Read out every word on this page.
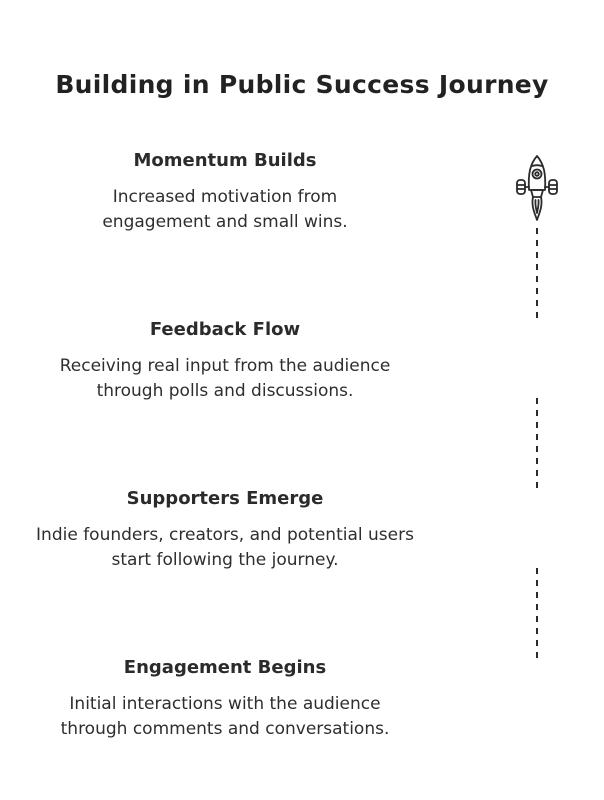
Building in Public Success Journey
Momentum Builds
Increased motivation from engagement and small wins.
Feedback Flow
Receiving real input from the audience through polls and discussions.
Supporters Emerge
Indie founders, creators, and potential users start following the journey.
Engagement Begins
Initial interactions with the audience through comments and conversations.
